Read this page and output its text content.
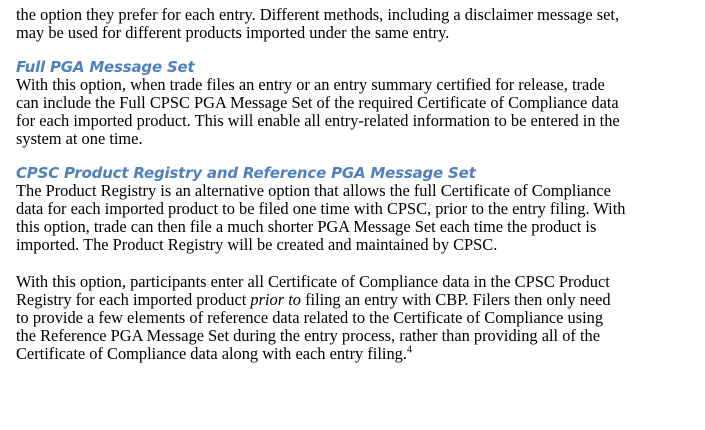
the option they prefer for each entry. Different methods, including a disclaimer message set,
may be used for different products imported under the same entry.

Full PGA Message Set

With this option, when trade files an entry or an entry summary certified for release, trade
can include the Full CPSC PGA Message Set of the required Certificate of Compliance data
for each imported product. This will enable all entry-related information to be entered in the
system at one time.

CPSC Product Registry and Reference PGA Message Set

The Product Registry is an alternative option that allows the full Certificate of Compliance
data for each imported product to be filed one time with CPSC, prior to the entry filing. With
this option, trade can then file a much shorter PGA Message Set each time the product is
imported. The Product Registry will be created and maintained by CPSC.

With this option, participants enter all Certificate of Compliance data in the CPSC Product
Registry for each imported product prior to filing an entry with CBP. Filers then only need
to provide a few elements of reference data related to the Certificate of Compliance using
the Reference PGA Message Set during the entry process, rather than providing all of the
Certificate of Compliance data along with each entry filing.$^4$
